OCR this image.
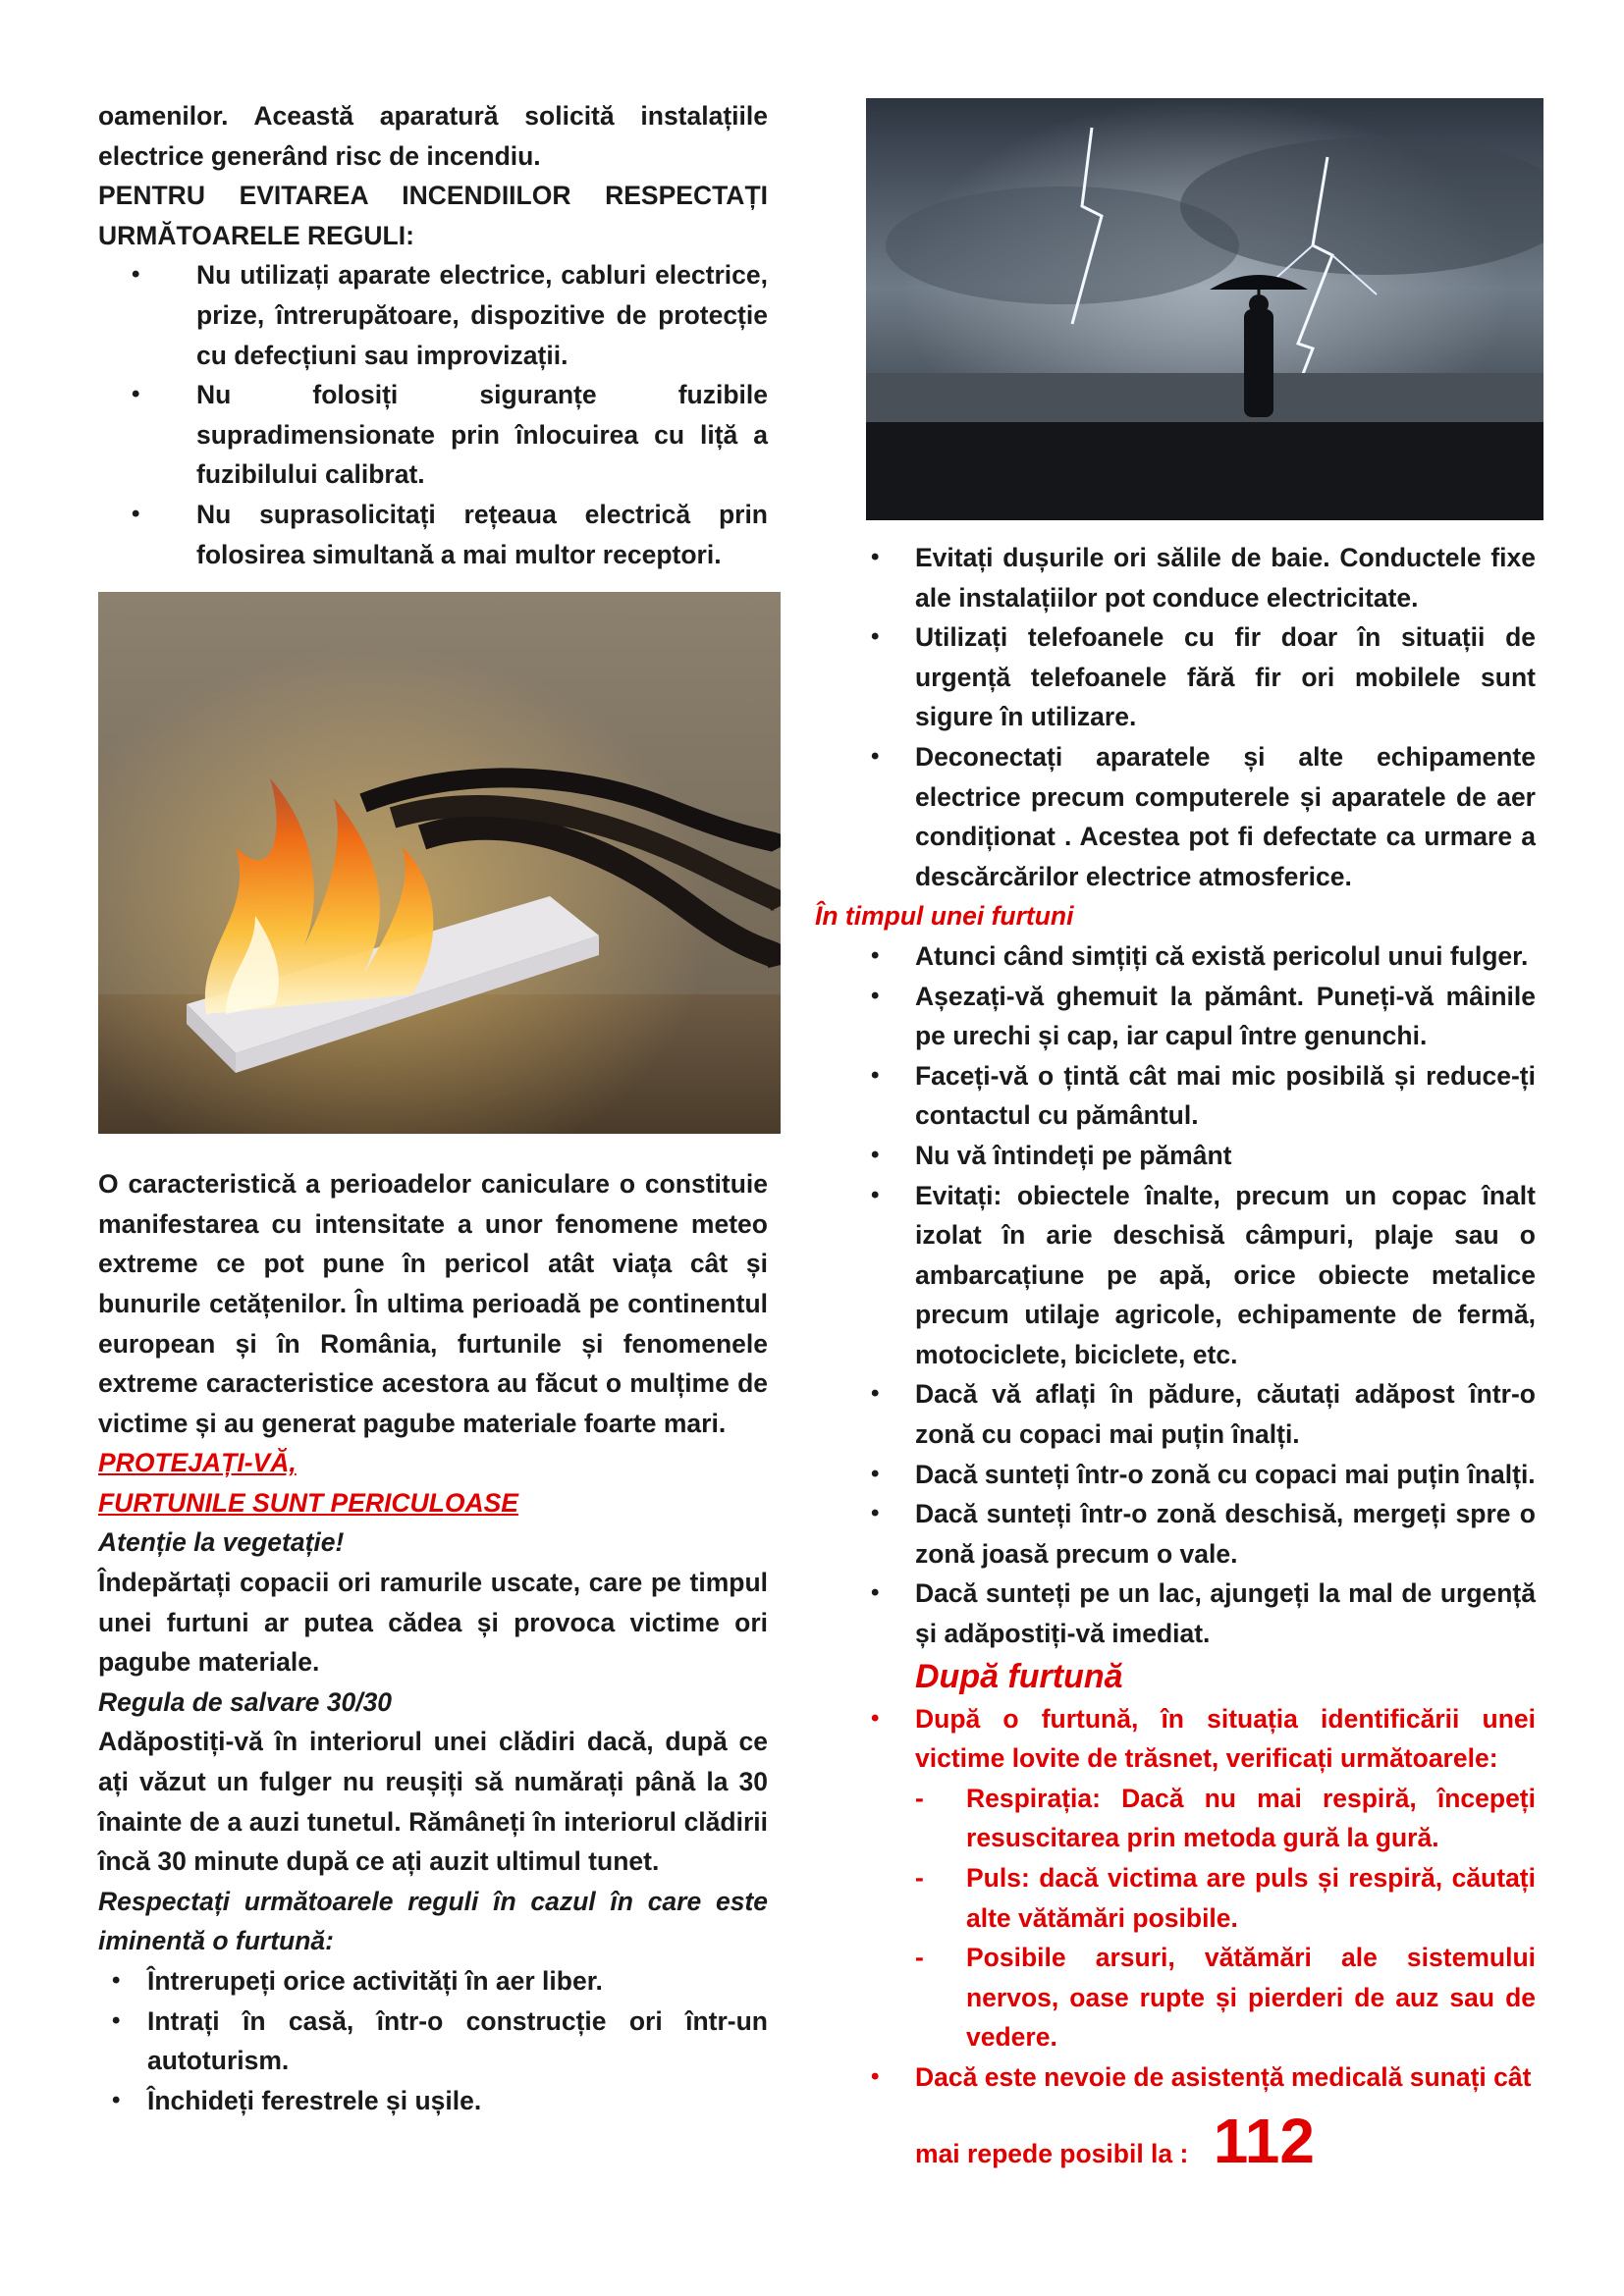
oamenilor. Această aparatură solicită instalațiile

electrice generând risc de incendiu.

PENTRU EVITAREA INCENDIILOR RESPECTAȚI

URMĂTOARELE REGULI:

• Nu utilizați aparate electrice, cabluri electrice, prize, întrerupătoare, dispozitive de protecție cu defecțiuni sau improvizații.
• Nu folosiți siguranțe fuzibile supradimensionate prin înlocuirea cu liță a fuzibilului calibrat.
• Nu suprasolicitați rețeaua electrică prin folosirea simultană a mai multor receptori.

O caracteristică a perioadelor caniculare o constituie manifestarea cu intensitate a unor fenomene meteo extreme ce pot pune în pericol atât viața cât și bunurile cetățenilor. În ultima perioadă pe continentul european și în România, furtunile și fenomenele extreme caracteristice acestora au făcut o mulțime de victime și au generat pagube materiale foarte mari.

PROTEJAȚI-VĂ,

FURTUNILE SUNT PERICULOASE

Atenție la vegetație!

Îndepărtați copacii ori ramurile uscate, care pe timpul unei furtuni ar putea cădea și provoca victime ori pagube materiale.

Regula de salvare 30/30

Adăpostiți-vă în interiorul unei clădiri dacă, după ce ați văzut un fulger nu reușiți să numărați până la 30 înainte de a auzi tunetul. Rămâneți în interiorul clădirii încă 30 minute după ce ați auzit ultimul tunet.

Respectați următoarele reguli în cazul în care este iminentă o furtună:

• Întrerupeți orice activități în aer liber.
• Intrați în casă, într-o construcție ori într-un autoturism.
• Închideți ferestrele și ușile.
• Evitați dușurile ori sălile de baie. Conductele fixe ale instalațiilor pot conduce electricitate.
• Utilizați telefoanele cu fir doar în situații de urgență telefoanele fără fir ori mobilele sunt sigure în utilizare.
• Deconectați aparatele și alte echipamente electrice precum computerele și aparatele de aer condiționat . Acestea pot fi defectate ca urmare a descărcărilor electrice atmosferice.

În timpul unei furtuni

• Atunci când simțiți că există pericolul unui fulger.
• Așezați-vă ghemuit la pământ. Puneți-vă mâinile pe urechi și cap, iar capul între genunchi.
• Faceți-vă o țintă cât mai mic posibilă și reduce-ți contactul cu pământul.
• Nu vă întindeți pe pământ
• Evitați: obiectele înalte, precum un copac înalt izolat în arie deschisă câmpuri, plaje sau o ambarcațiune pe apă, orice obiecte metalice precum utilaje agricole, echipamente de fermă, motociclete, biciclete, etc.
• Dacă vă aflați în pădure, căutați adăpost într-o zonă cu copaci mai puțin înalți.
• Dacă sunteți într-o zonă cu copaci mai puțin înalți.
• Dacă sunteți într-o zonă deschisă, mergeți spre o zonă joasă precum o vale.
• Dacă sunteți pe un lac, ajungeți la mal de urgență și adăpostiți-vă imediat.
După furtună
• După o furtună, în situația identificării unei victime lovite de trăsnet, verificați următoarele:
- Respirația: Dacă nu mai respiră, începeți resuscitarea prin metoda gură la gură.
- Puls: dacă victima are puls și respiră, căutați alte vătămări posibile.
- Posibile arsuri, vătămări ale sistemului nervos, oase rupte și pierderi de auz sau de vedere.
• Dacă este nevoie de asistență medicală sunați cât
mai repede posibil la : 112
